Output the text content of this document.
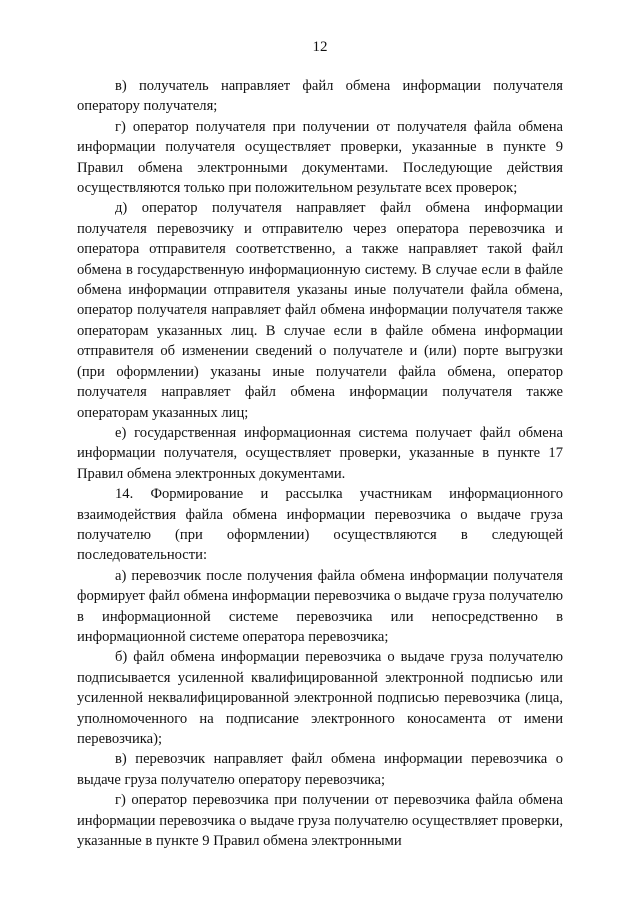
12

в) получатель направляет файл обмена информации получателя оператору получателя;

г) оператор получателя при получении от получателя файла обмена информации получателя осуществляет проверки, указанные в пункте 9 Правил обмена электронными документами. Последующие действия осуществляются только при положительном результате всех проверок;

д) оператор получателя направляет файл обмена информации получателя перевозчику и отправителю через оператора перевозчика и оператора отправителя соответственно, а также направляет такой файл обмена в государственную информационную систему. В случае если в файле обмена информации отправителя указаны иные получатели файла обмена, оператор получателя направляет файл обмена информации получателя также операторам указанных лиц. В случае если в файле обмена информации отправителя об изменении сведений о получателе и (или) порте выгрузки (при оформлении) указаны иные получатели файла обмена, оператор получателя направляет файл обмена информации получателя также операторам указанных лиц;

е) государственная информационная система получает файл обмена информации получателя, осуществляет проверки, указанные в пункте 17 Правил обмена электронных документами.

14. Формирование и рассылка участникам информационного взаимодействия файла обмена информации перевозчика о выдаче груза получателю (при оформлении) осуществляются в следующей последовательности:

а) перевозчик после получения файла обмена информации получателя формирует файл обмена информации перевозчика о выдаче груза получателю в информационной системе перевозчика или непосредственно в информационной системе оператора перевозчика;

б) файл обмена информации перевозчика о выдаче груза получателю подписывается усиленной квалифицированной электронной подписью или усиленной неквалифицированной электронной подписью перевозчика (лица, уполномоченного на подписание электронного коносамента от имени перевозчика);

в) перевозчик направляет файл обмена информации перевозчика о выдаче груза получателю оператору перевозчика;

г) оператор перевозчика при получении от перевозчика файла обмена информации перевозчика о выдаче груза получателю осуществляет проверки, указанные в пункте 9 Правил обмена электронными
